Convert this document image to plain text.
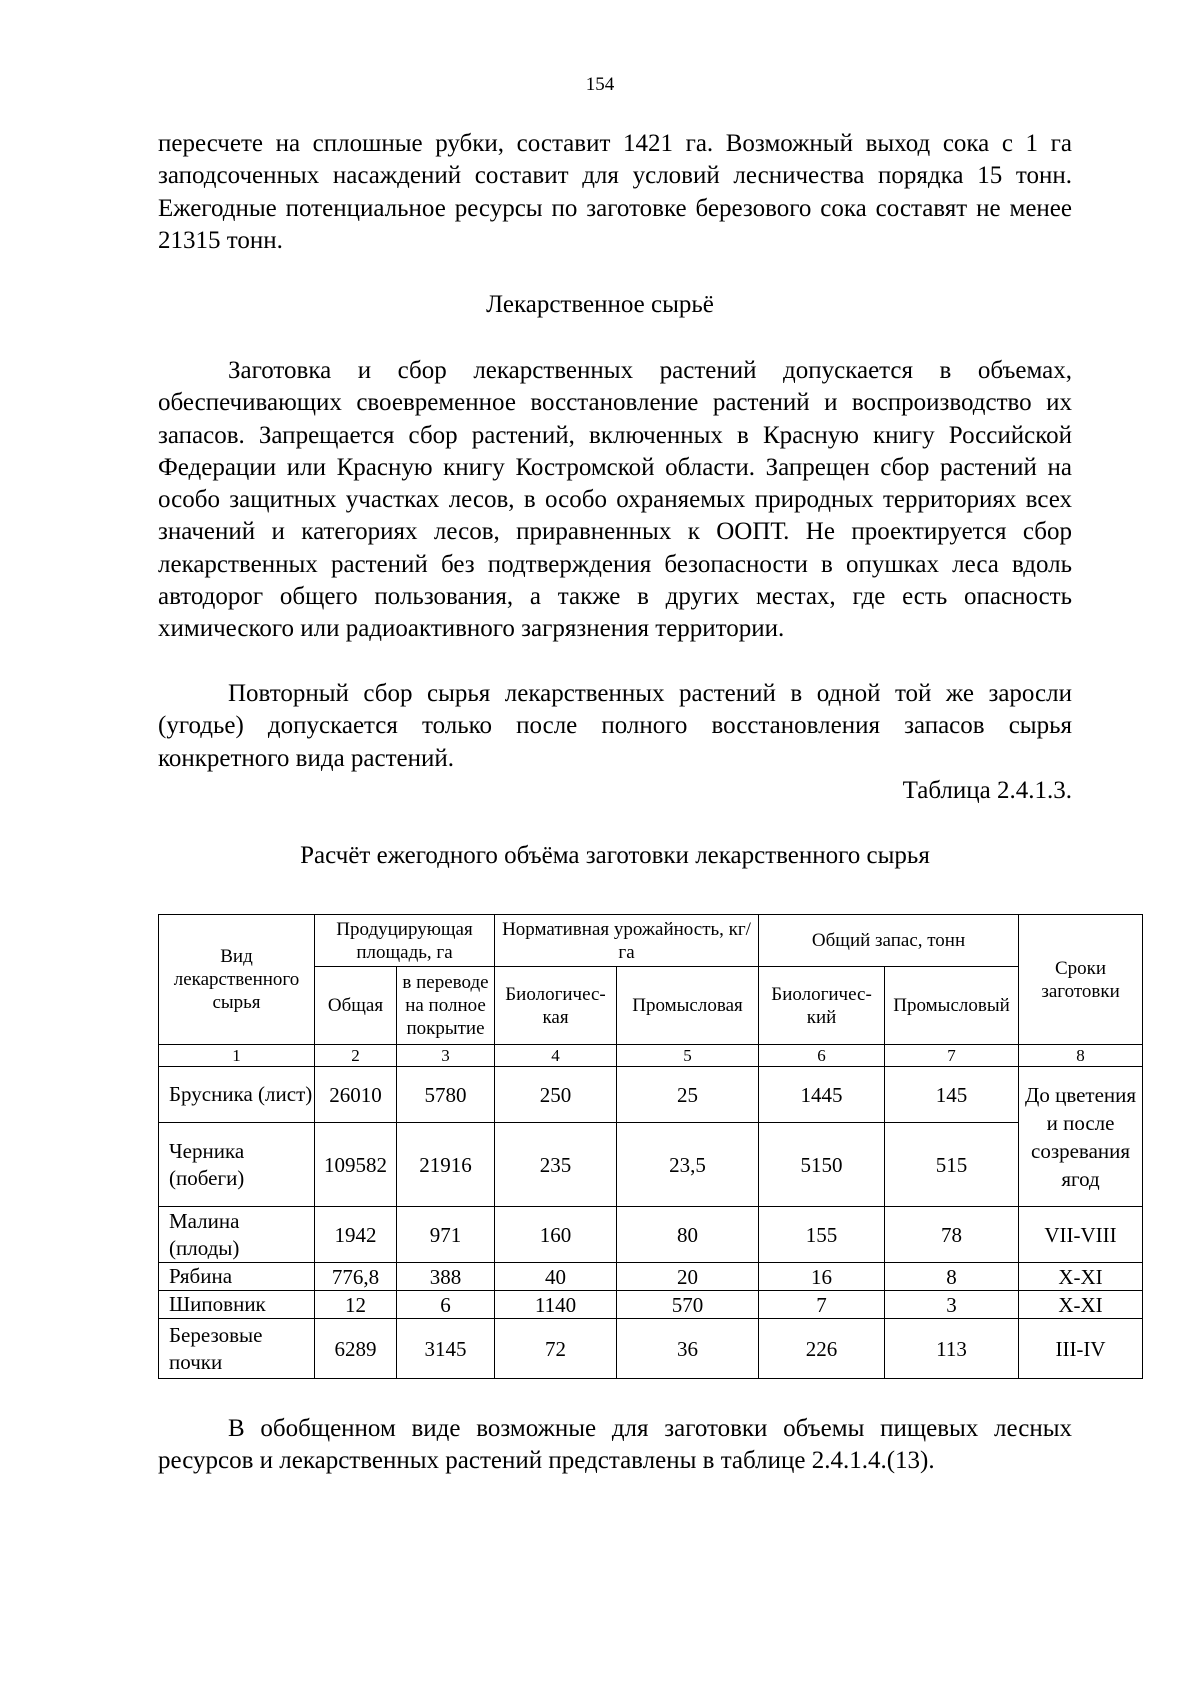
154

пересчете на сплошные рубки, составит 1421 га. Возможный выход сока с 1 га заподсоченных насаждений составит для условий лесничества порядка 15 тонн. Ежегодные потенциальное ресурсы по заготовке березового сока составят не менее 21315 тонн.

Лекарственное сырьё

Заготовка и сбор лекарственных растений допускается в объемах, обеспечивающих своевременное восстановление растений и воспроизводство их запасов. Запрещается сбор растений, включенных в Красную книгу Российской Федерации или Красную книгу Костромской области. Запрещен сбор растений на особо защитных участках лесов, в особо охраняемых природных территориях всех значений и категориях лесов, приравненных к ООПТ. Не проектируется сбор лекарственных растений без подтверждения безопасности в опушках леса вдоль автодорог общего пользования, а также в других местах, где есть опасность химического или радиоактивного загрязнения территории.

Повторный сбор сырья лекарственных растений в одной той же заросли (угодье) допускается только после полного восстановления запасов сырья конкретного вида растений.

Таблица 2.4.1.3.

Расчёт ежегодного объёма заготовки лекарственного сырья

Вид лекарственного сырья	Продуцирующая площадь, га		Нормативная урожайность, кг/га		Общий запас, тонн		Сроки заготовки
	Общая	в переводе на полное покрытие	Биологичес-кая	Промысловая	Биологичес-кий	Промысловый	
1	2	3	4	5	6	7	8
Брусника (лист)	26010	5780	250	25	1445	145	До цветения и после созревания ягод
Черника (побеги)	109582	21916	235	23,5	5150	515	
Малина (плоды)	1942	971	160	80	155	78	VII-VIII
Рябина	776,8	388	40	20	16	8	X-XI
Шиповник	12	6	1140	570	7	3	X-XI
Березовые почки	6289	3145	72	36	226	113	III-IV

В обобщенном виде возможные для заготовки объемы пищевых лесных ресурсов и лекарственных растений представлены в таблице 2.4.1.4.(13).
